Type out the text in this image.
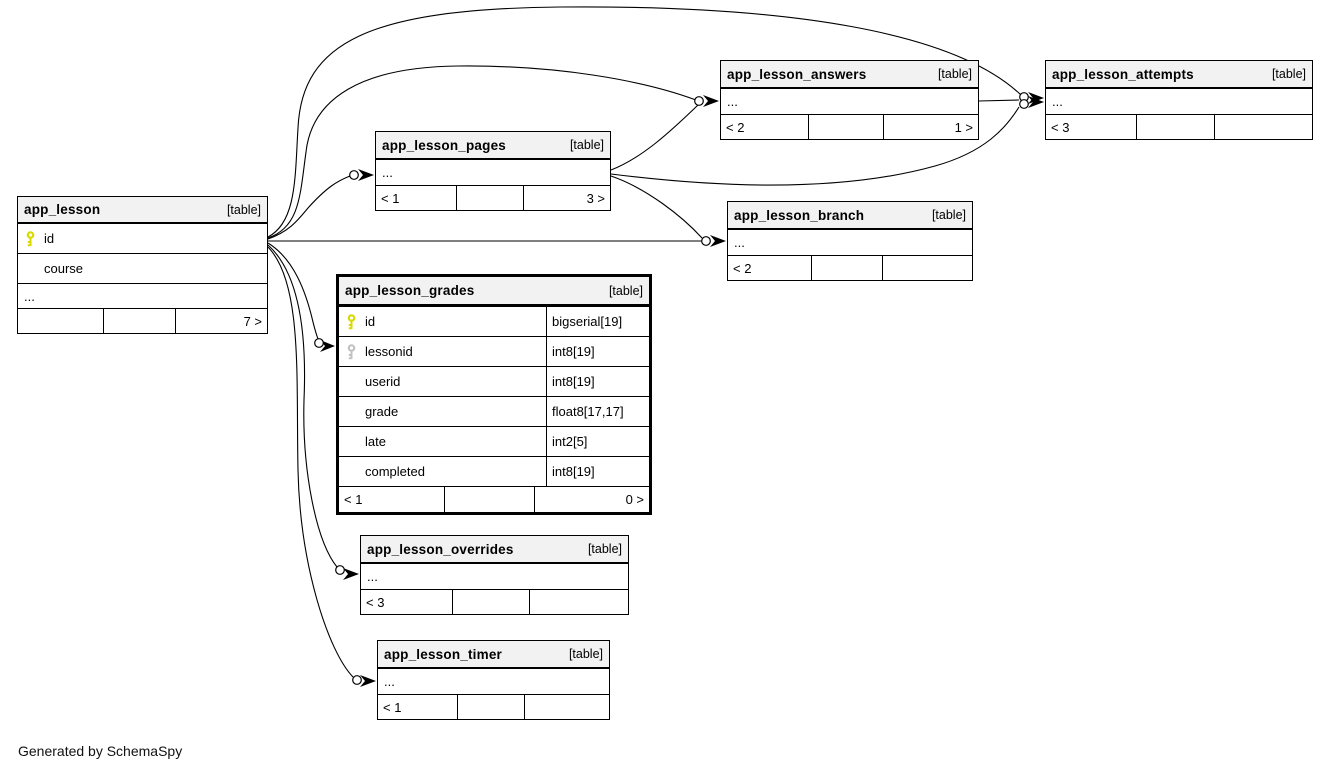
app_lesson	[table]
id
course
...
7 >
app_lesson_pages	[table]
...
< 1	3 >
app_lesson_answers	[table]
...
< 2	1 >
app_lesson_attempts	[table]
...
< 3
app_lesson_branch	[table]
...
< 2
app_lesson_grades	[table]
id	bigserial[19]
lessonid	int8[19]
userid	int8[19]
grade	float8[17,17]
late	int2[5]
completed	int8[19]
< 1	0 >
app_lesson_overrides	[table]
...
< 3
app_lesson_timer	[table]
...
< 1
Generated by SchemaSpy
